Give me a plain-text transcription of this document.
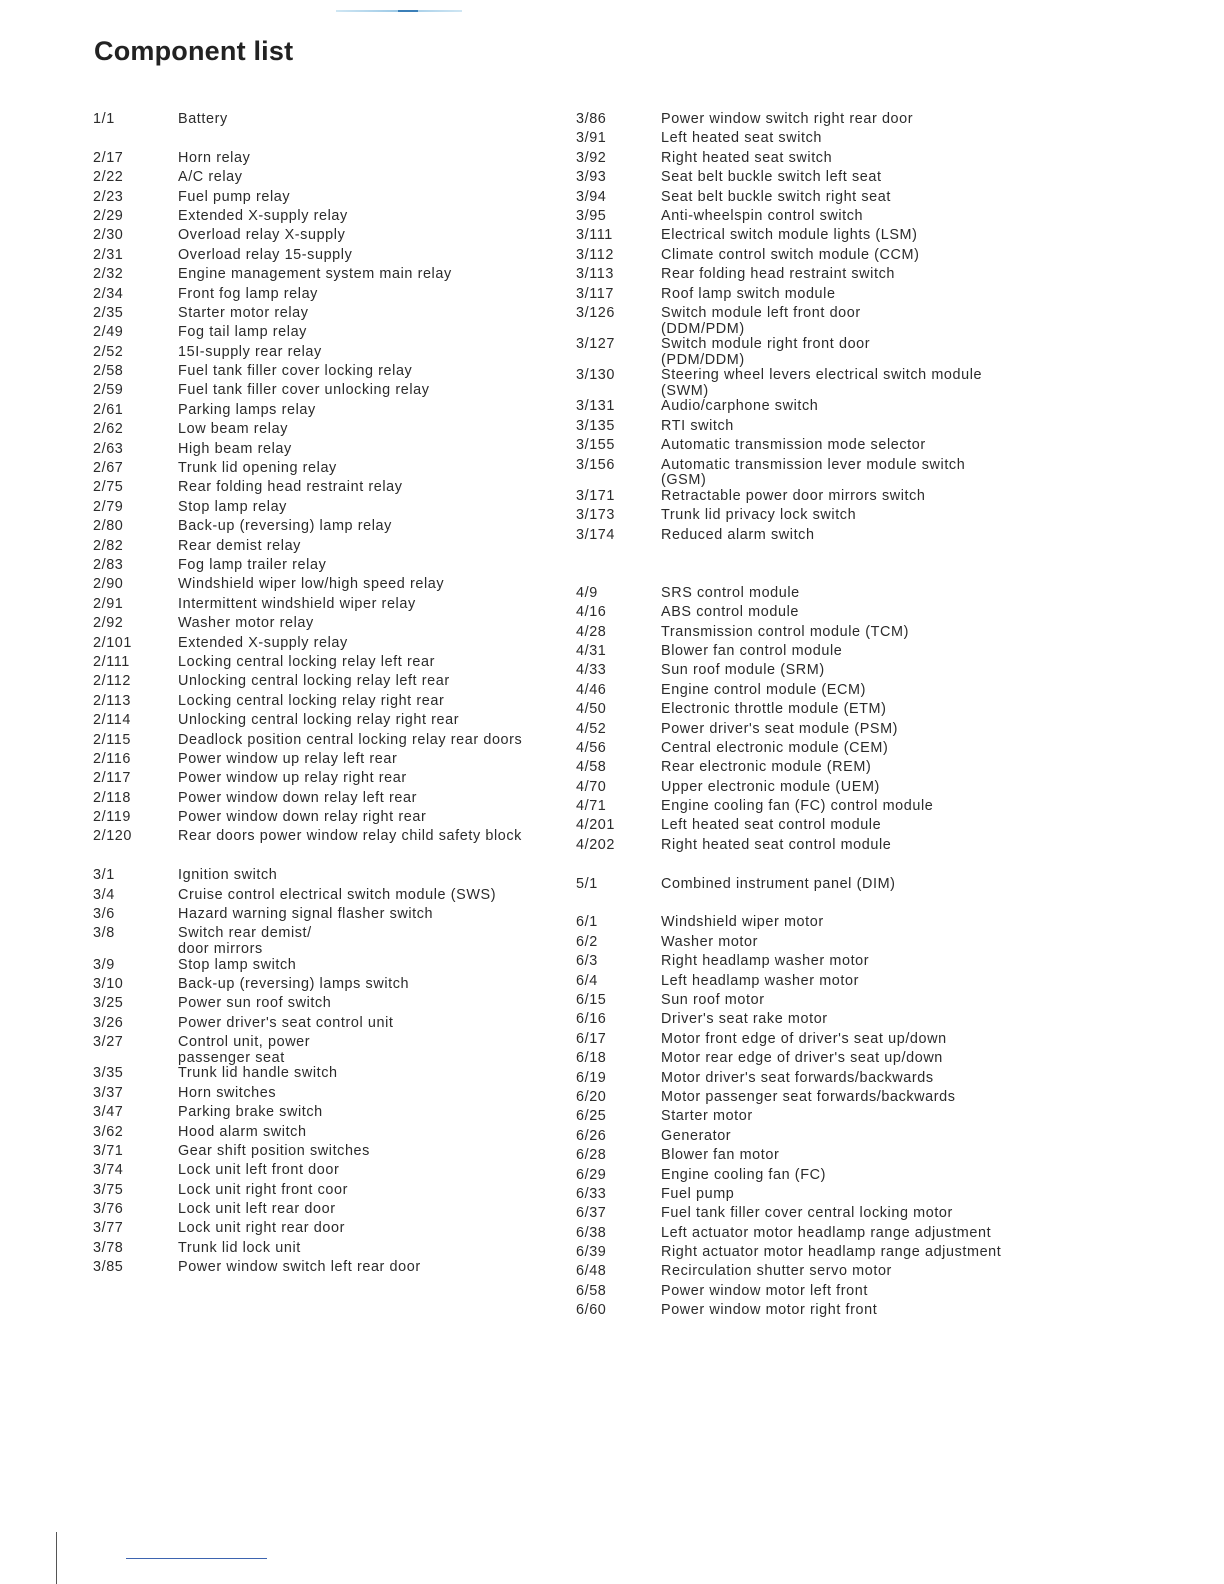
Component list
1/1	Battery
2/17	Horn relay
2/22	A/C relay
2/23	Fuel pump relay
2/29	Extended X-supply relay
2/30	Overload relay X-supply
2/31	Overload relay 15-supply
2/32	Engine management system main relay
2/34	Front fog lamp relay
2/35	Starter motor relay
2/49	Fog tail lamp relay
2/52	15I-supply rear relay
2/58	Fuel tank filler cover locking relay
2/59	Fuel tank filler cover unlocking relay
2/61	Parking lamps relay
2/62	Low beam relay
2/63	High beam relay
2/67	Trunk lid opening relay
2/75	Rear folding head restraint relay
2/79	Stop lamp relay
2/80	Back-up (reversing) lamp relay
2/82	Rear demist relay
2/83	Fog lamp trailer relay
2/90	Windshield wiper low/high speed relay
2/91	Intermittent windshield wiper relay
2/92	Washer motor relay
2/101	Extended X-supply relay
2/111	Locking central locking relay left rear
2/112	Unlocking central locking relay left rear
2/113	Locking central locking relay right rear
2/114	Unlocking central locking relay right rear
2/115	Deadlock position central locking relay rear doors
2/116	Power window up relay left rear
2/117	Power window up relay right rear
2/118	Power window down relay left rear
2/119	Power window down relay right rear
2/120	Rear doors power window relay child safety block
3/1	Ignition switch
3/4	Cruise control electrical switch module (SWS)
3/6	Hazard warning signal flasher switch
3/8	Switch rear demist/
door mirrors
3/9	Stop lamp switch
3/10	Back-up (reversing) lamps switch
3/25	Power sun roof switch
3/26	Power driver's seat control unit
3/27	Control unit, power
passenger seat
3/35	Trunk lid handle switch
3/37	Horn switches
3/47	Parking brake switch
3/62	Hood alarm switch
3/71	Gear shift position switches
3/74	Lock unit left front door
3/75	Lock unit right front coor
3/76	Lock unit left rear door
3/77	Lock unit right rear door
3/78	Trunk lid lock unit
3/85	Power window switch left rear door
3/86	Power window switch right rear door
3/91	Left heated seat switch
3/92	Right heated seat switch
3/93	Seat belt buckle switch left seat
3/94	Seat belt buckle switch right seat
3/95	Anti-wheelspin control switch
3/111	Electrical switch module lights (LSM)
3/112	Climate control switch module (CCM)
3/113	Rear folding head restraint switch
3/117	Roof lamp switch module
3/126	Switch module left front door
(DDM/PDM)
3/127	Switch module right front door
(PDM/DDM)
3/130	Steering wheel levers electrical switch module
(SWM)
3/131	Audio/carphone switch
3/135	RTI switch
3/155	Automatic transmission mode selector
3/156	Automatic transmission lever module switch
(GSM)
3/171	Retractable power door mirrors switch
3/173	Trunk lid privacy lock switch
3/174	Reduced alarm switch
4/9	SRS control module
4/16	ABS control module
4/28	Transmission control module (TCM)
4/31	Blower fan control module
4/33	Sun roof module (SRM)
4/46	Engine control module (ECM)
4/50	Electronic throttle module (ETM)
4/52	Power driver's seat module (PSM)
4/56	Central electronic module (CEM)
4/58	Rear electronic module (REM)
4/70	Upper electronic module (UEM)
4/71	Engine cooling fan (FC) control module
4/201	Left heated seat control module
4/202	Right heated seat control module
5/1	Combined instrument panel (DIM)
6/1	Windshield wiper motor
6/2	Washer motor
6/3	Right headlamp washer motor
6/4	Left headlamp washer motor
6/15	Sun roof motor
6/16	Driver's seat rake motor
6/17	Motor front edge of driver's seat up/down
6/18	Motor rear edge of driver's seat up/down
6/19	Motor driver's seat forwards/backwards
6/20	Motor passenger seat forwards/backwards
6/25	Starter motor
6/26	Generator
6/28	Blower fan motor
6/29	Engine cooling fan (FC)
6/33	Fuel pump
6/37	Fuel tank filler cover central locking motor
6/38	Left actuator motor headlamp range adjustment
6/39	Right actuator motor headlamp range adjustment
6/48	Recirculation shutter servo motor
6/58	Power window motor left front
6/60	Power window motor right front
